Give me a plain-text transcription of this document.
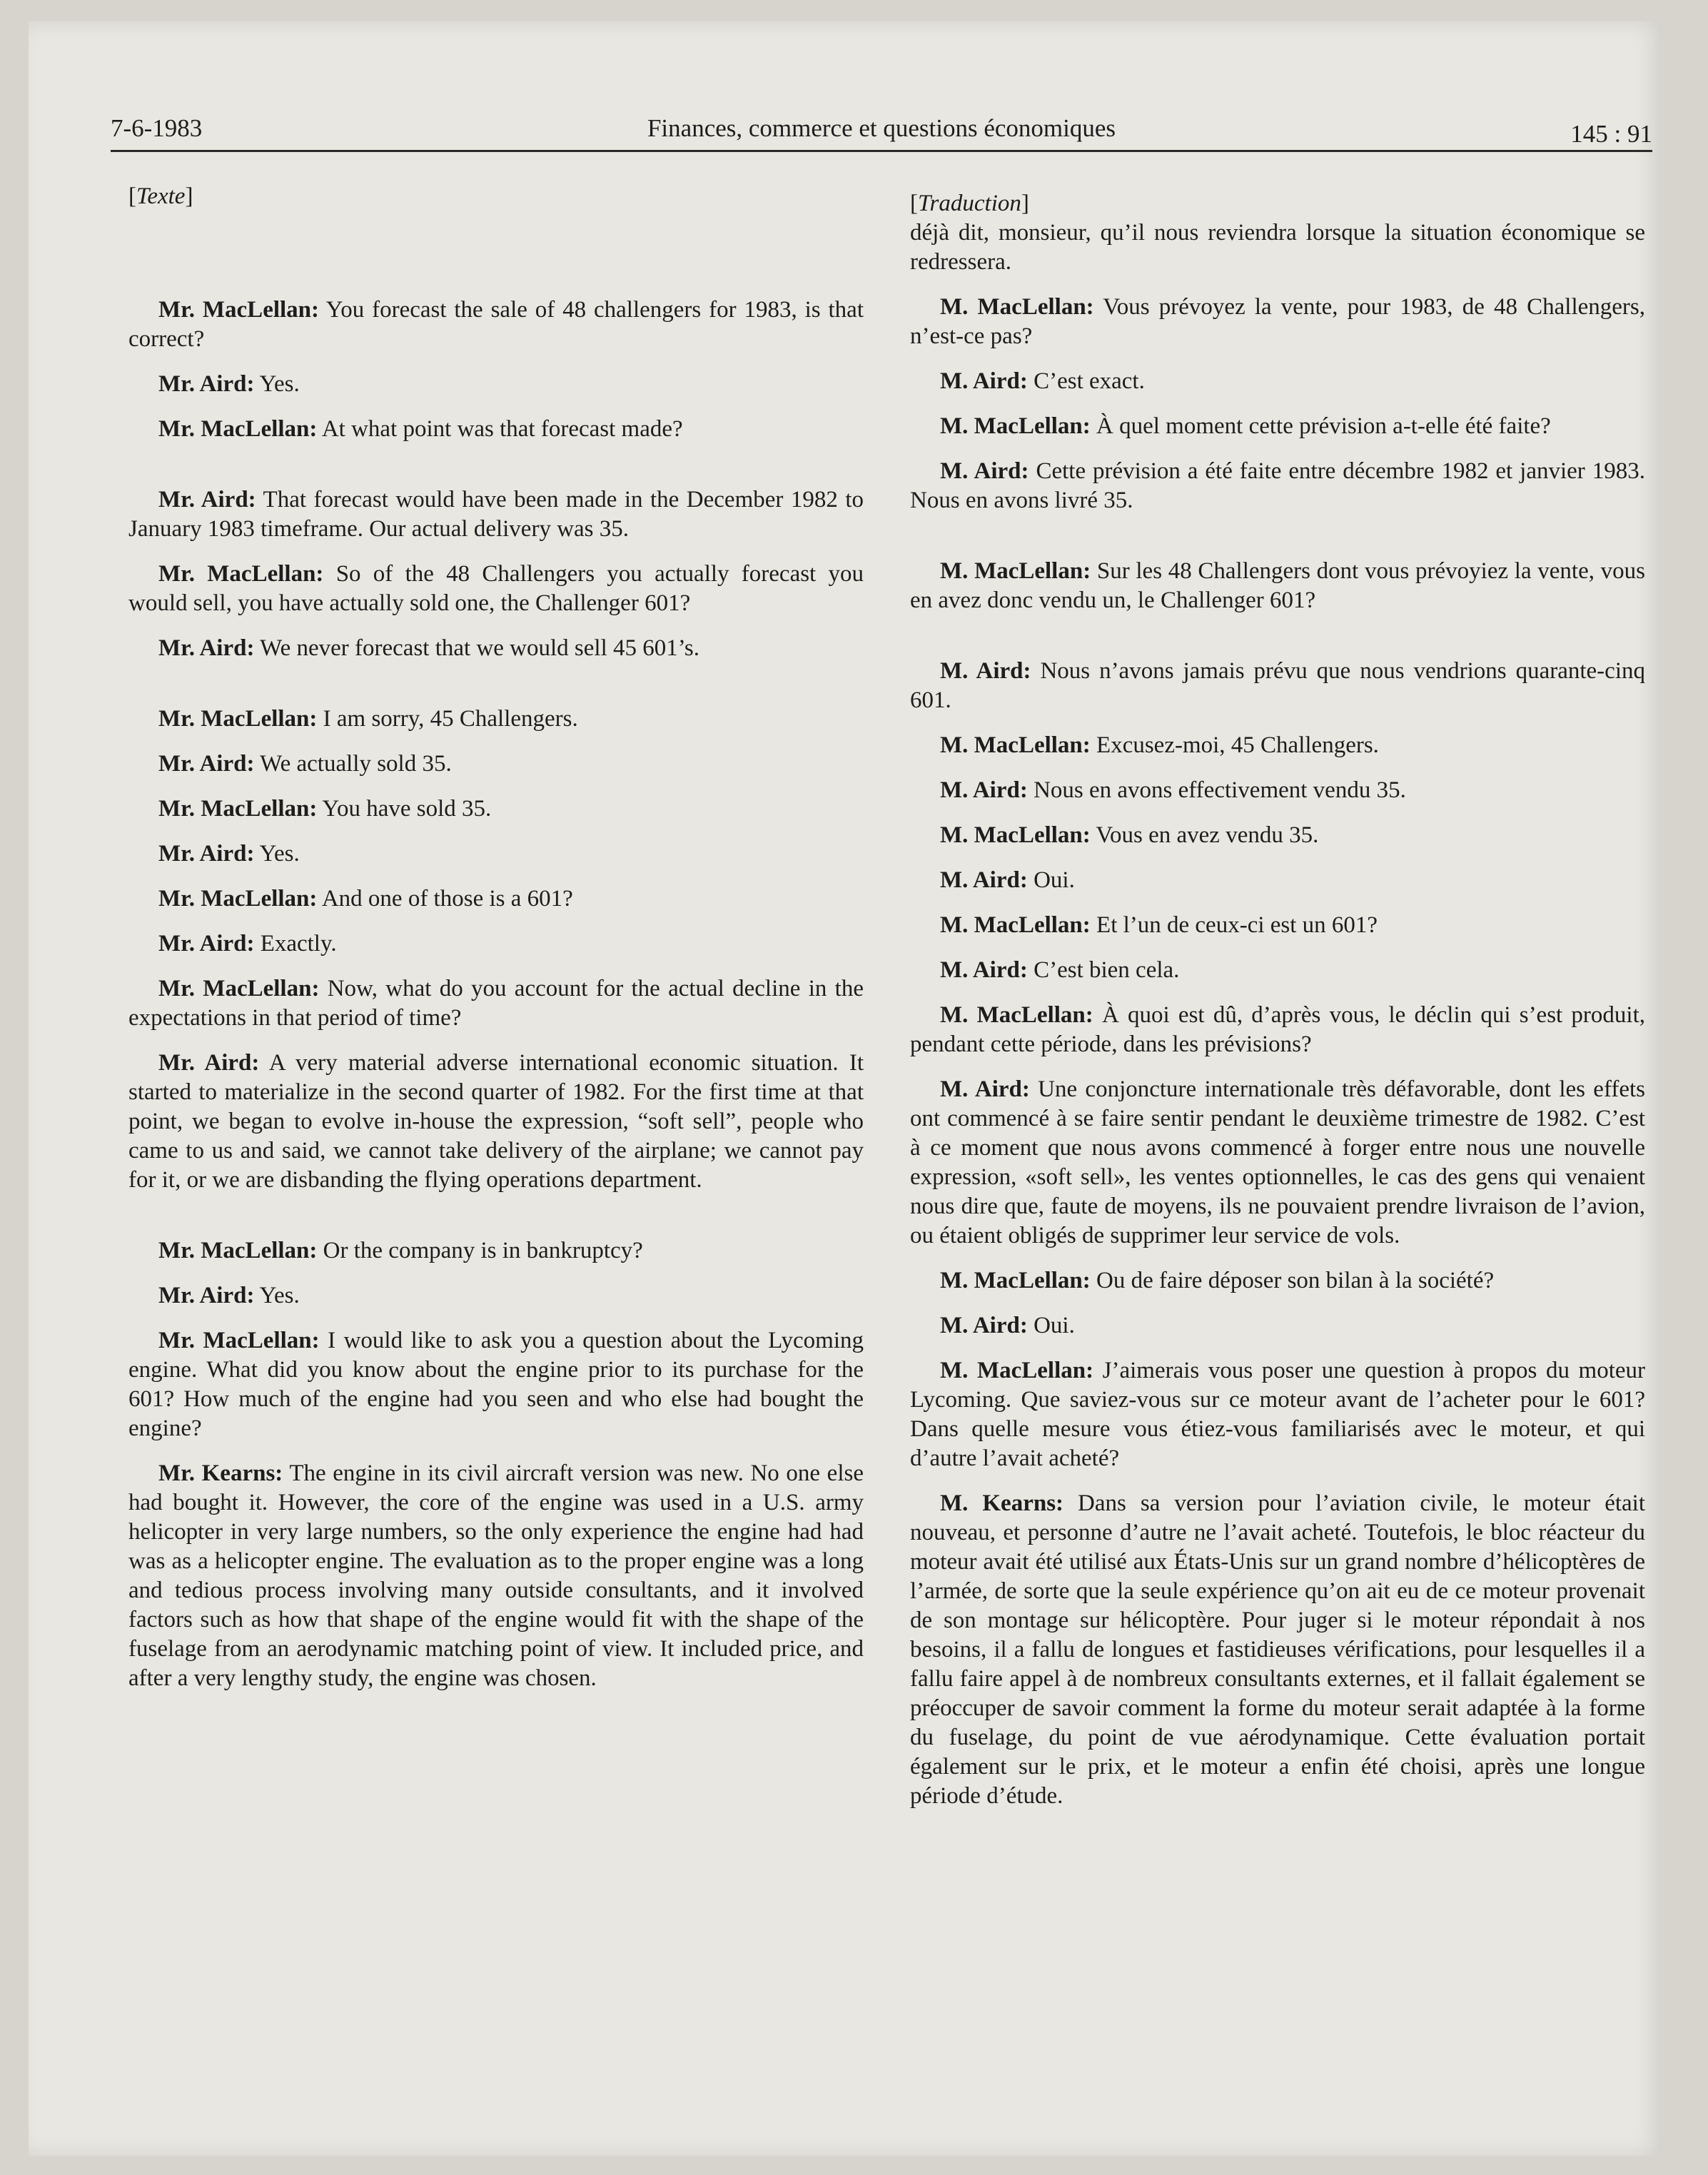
7-6-1983	Finances, commerce et questions économiques	145 : 91
[Texte]

Mr. MacLellan: You forecast the sale of 48 challengers for 1983, is that correct?

Mr. Aird: Yes.

Mr. MacLellan: At what point was that forecast made?

Mr. Aird: That forecast would have been made in the December 1982 to January 1983 timeframe. Our actual delivery was 35.

Mr. MacLellan: So of the 48 Challengers you actually forecast you would sell, you have actually sold one, the Challenger 601?

Mr. Aird: We never forecast that we would sell 45 601’s.

Mr. MacLellan: I am sorry, 45 Challengers.

Mr. Aird: We actually sold 35.

Mr. MacLellan: You have sold 35.

Mr. Aird: Yes.

Mr. MacLellan: And one of those is a 601?

Mr. Aird: Exactly.

Mr. MacLellan: Now, what do you account for the actual decline in the expectations in that period of time?

Mr. Aird: A very material adverse international economic situation. It started to materialize in the second quarter of 1982. For the first time at that point, we began to evolve in-house the expression, “soft sell”, people who came to us and said, we cannot take delivery of the airplane; we cannot pay for it, or we are disbanding the flying operations department.

Mr. MacLellan: Or the company is in bankruptcy?

Mr. Aird: Yes.

Mr. MacLellan: I would like to ask you a question about the Lycoming engine. What did you know about the engine prior to its purchase for the 601? How much of the engine had you seen and who else had bought the engine?

Mr. Kearns: The engine in its civil aircraft version was new. No one else had bought it. However, the core of the engine was used in a U.S. army helicopter in very large numbers, so the only experience the engine had had was as a helicopter engine. The evaluation as to the proper engine was a long and tedious process involving many outside consultants, and it involved factors such as how that shape of the engine would fit with the shape of the fuselage from an aerodynamic matching point of view. It included price, and after a very lengthy study, the engine was chosen.

[Traduction]

déjà dit, monsieur, qu’il nous reviendra lorsque la situation économique se redressera.

M. MacLellan: Vous prévoyez la vente, pour 1983, de 48 Challengers, n’est-ce pas?

M. Aird: C’est exact.

M. MacLellan: À quel moment cette prévision a-t-elle été faite?

M. Aird: Cette prévision a été faite entre décembre 1982 et janvier 1983. Nous en avons livré 35.

M. MacLellan: Sur les 48 Challengers dont vous prévoyiez la vente, vous en avez donc vendu un, le Challenger 601?

M. Aird: Nous n’avons jamais prévu que nous vendrions quarante-cinq 601.

M. MacLellan: Excusez-moi, 45 Challengers.

M. Aird: Nous en avons effectivement vendu 35.

M. MacLellan: Vous en avez vendu 35.

M. Aird: Oui.

M. MacLellan: Et l’un de ceux-ci est un 601?

M. Aird: C’est bien cela.

M. MacLellan: À quoi est dû, d’après vous, le déclin qui s’est produit, pendant cette période, dans les prévisions?

M. Aird: Une conjoncture internationale très défavorable, dont les effets ont commencé à se faire sentir pendant le deuxième trimestre de 1982. C’est à ce moment que nous avons commencé à forger entre nous une nouvelle expression, «soft sell», les ventes optionnelles, le cas des gens qui venaient nous dire que, faute de moyens, ils ne pouvaient prendre livraison de l’avion, ou étaient obligés de supprimer leur service de vols.

M. MacLellan: Ou de faire déposer son bilan à la société?

M. Aird: Oui.

M. MacLellan: J’aimerais vous poser une question à propos du moteur Lycoming. Que saviez-vous sur ce moteur avant de l’acheter pour le 601? Dans quelle mesure vous étiez-vous familiarisés avec le moteur, et qui d’autre l’avait acheté?

M. Kearns: Dans sa version pour l’aviation civile, le moteur était nouveau, et personne d’autre ne l’avait acheté. Toutefois, le bloc réacteur du moteur avait été utilisé aux États-Unis sur un grand nombre d’hélicoptères de l’armée, de sorte que la seule expérience qu’on ait eu de ce moteur provenait de son montage sur hélicoptère. Pour juger si le moteur répondait à nos besoins, il a fallu de longues et fastidieuses vérifications, pour lesquelles il a fallu faire appel à de nombreux consultants externes, et il fallait également se préoccuper de savoir comment la forme du moteur serait adaptée à la forme du fuselage, du point de vue aérodynamique. Cette évaluation portait également sur le prix, et le moteur a enfin été choisi, après une longue période d’étude.
